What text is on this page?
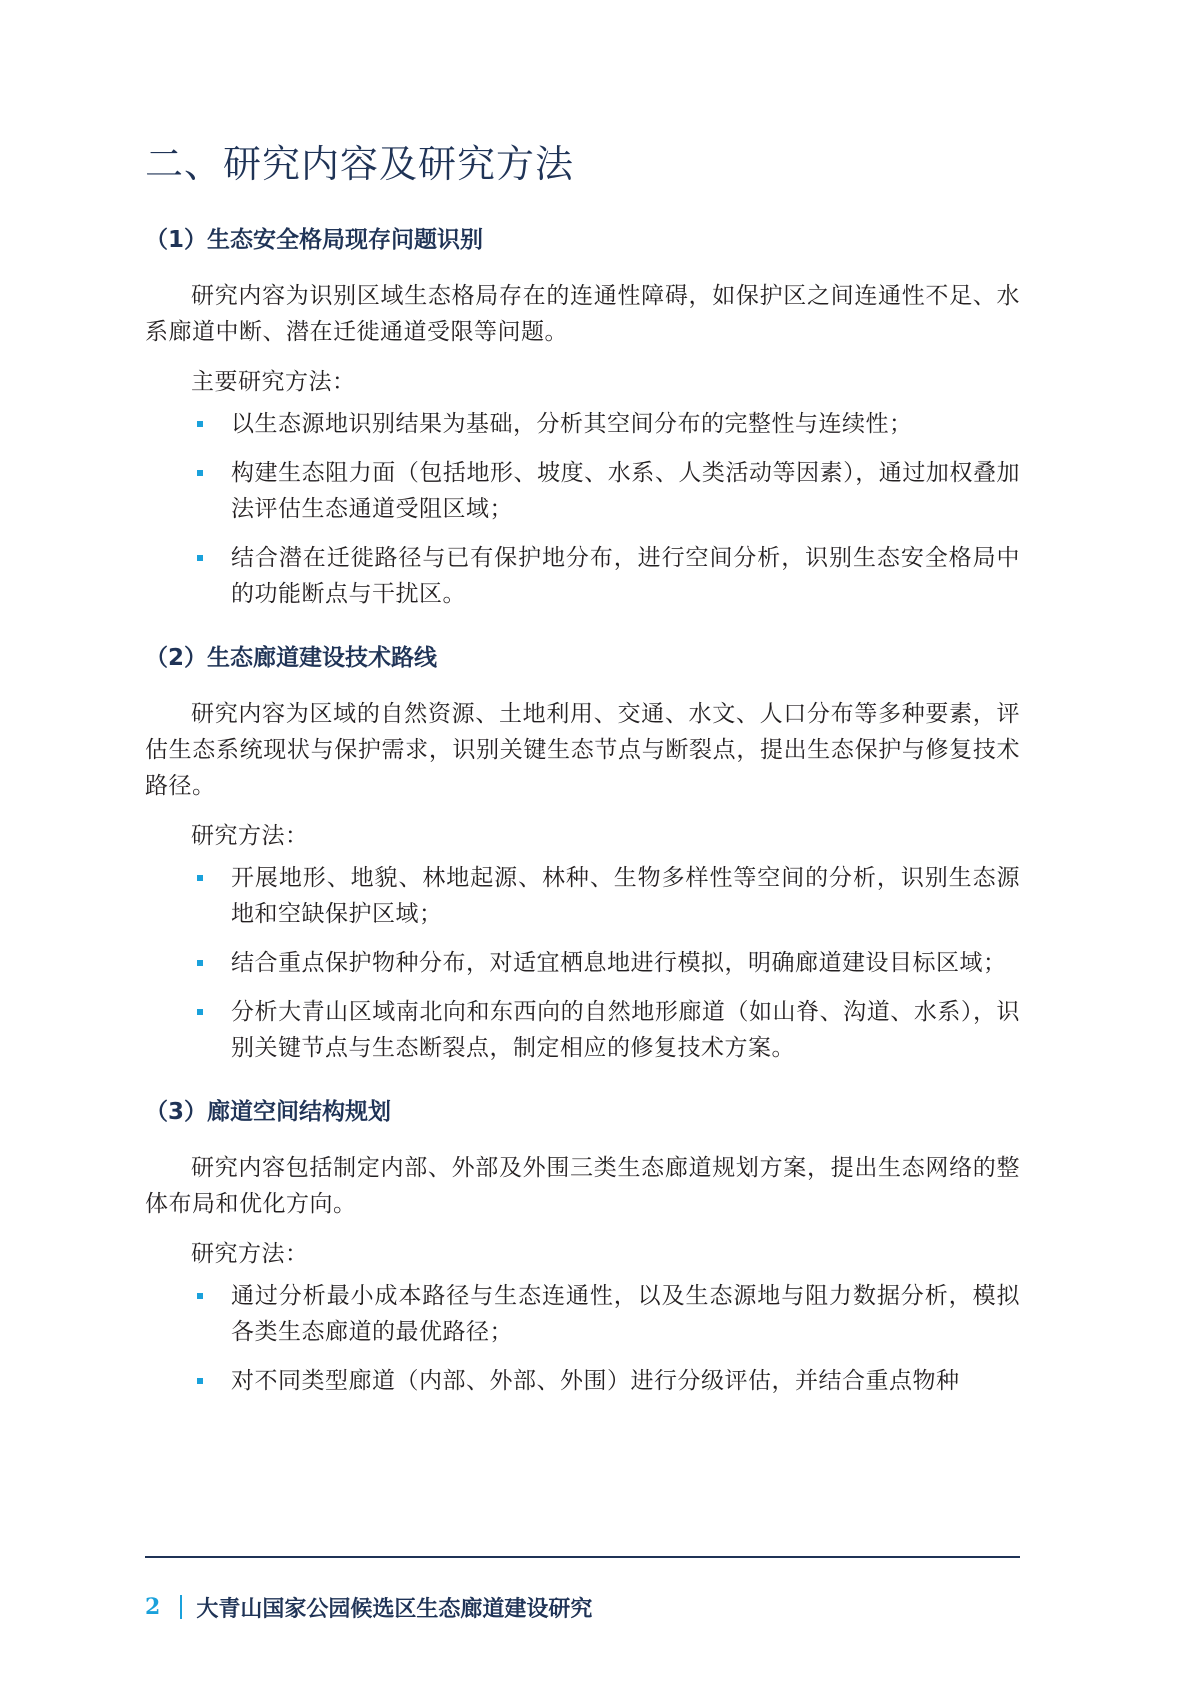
二、研究内容及研究方法
（1）生态安全格局现存问题识别

研究内容为识别区域生态格局存在的连通性障碍，如保护区之间连通性不足、水系廊道中断、潜在迁徙通道受限等问题。

主要研究方法：

以生态源地识别结果为基础，分析其空间分布的完整性与连续性；
构建生态阻力面（包括地形、坡度、水系、人类活动等因素），通过加权叠加法评估生态通道受阻区域；
结合潜在迁徙路径与已有保护地分布，进行空间分析，识别生态安全格局中的功能断点与干扰区。
（2）生态廊道建设技术路线

研究内容为区域的自然资源、土地利用、交通、水文、人口分布等多种要素，评估生态系统现状与保护需求，识别关键生态节点与断裂点，提出生态保护与修复技术路径。

研究方法：

开展地形、地貌、林地起源、林种、生物多样性等空间的分析，识别生态源地和空缺保护区域；
结合重点保护物种分布，对适宜栖息地进行模拟，明确廊道建设目标区域；
分析大青山区域南北向和东西向的自然地形廊道（如山脊、沟道、水系），识别关键节点与生态断裂点，制定相应的修复技术方案。
（3）廊道空间结构规划

研究内容包括制定内部、外部及外围三类生态廊道规划方案，提出生态网络的整体布局和优化方向。

研究方法：

通过分析最小成本路径与生态连通性，以及生态源地与阻力数据分析，模拟各类生态廊道的最优路径；
对不同类型廊道（内部、外部、外围）进行分级评估，并结合重点物种
2 大青山国家公园候选区生态廊道建设研究
